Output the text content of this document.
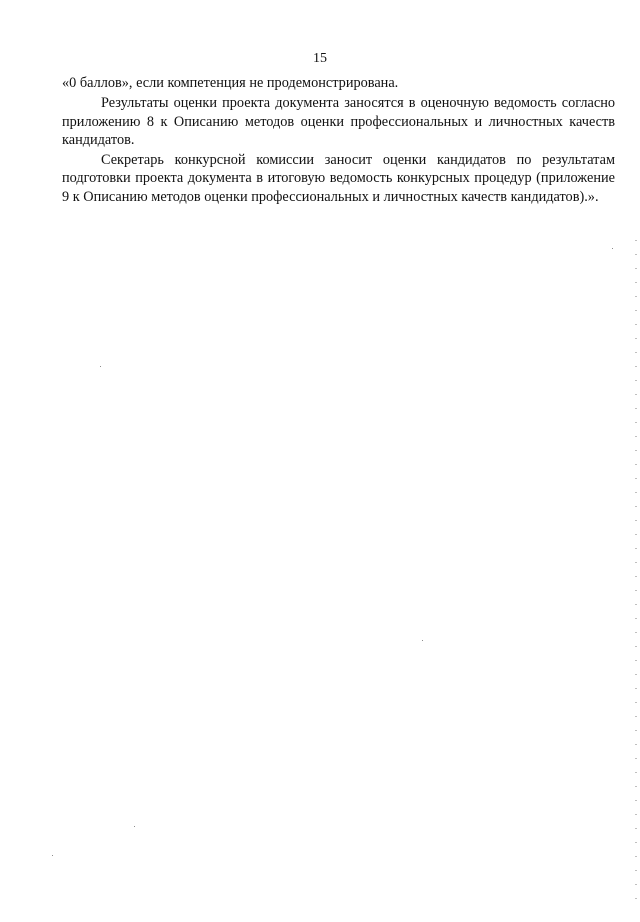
15

«0 баллов», если компетенция не продемонстрирована.

Результаты оценки проекта документа заносятся в оценочную ведомость согласно приложению 8 к Описанию методов оценки профессиональных и личностных качеств кандидатов.

Секретарь конкурсной комиссии заносит оценки кандидатов по результатам подготовки проекта документа в итоговую ведомость конкурсных процедур (приложение 9 к Описанию методов оценки профессиональных и личностных качеств кандидатов).».
